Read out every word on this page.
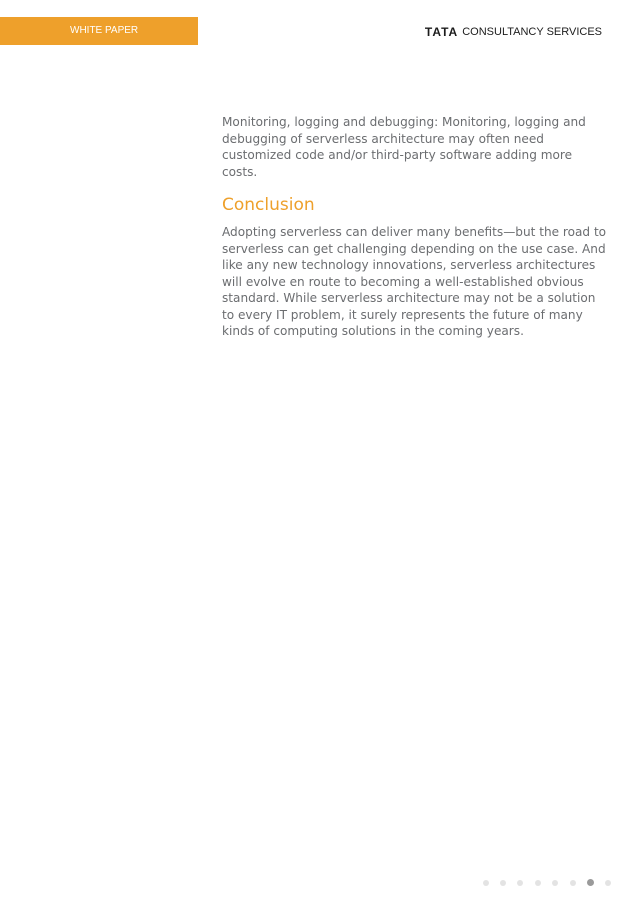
WHITE PAPER	TATA CONSULTANCY SERVICES

Monitoring, logging and debugging: Monitoring, logging and debugging of serverless architecture may often need customized code and/or third-party software adding more costs.

Conclusion

Adopting serverless can deliver many benefits—but the road to serverless can get challenging depending on the use case. And like any new technology innovations, serverless architectures will evolve en route to becoming a well-established obvious standard. While serverless architecture may not be a solution to every IT problem, it surely represents the future of many kinds of computing solutions in the coming years.
